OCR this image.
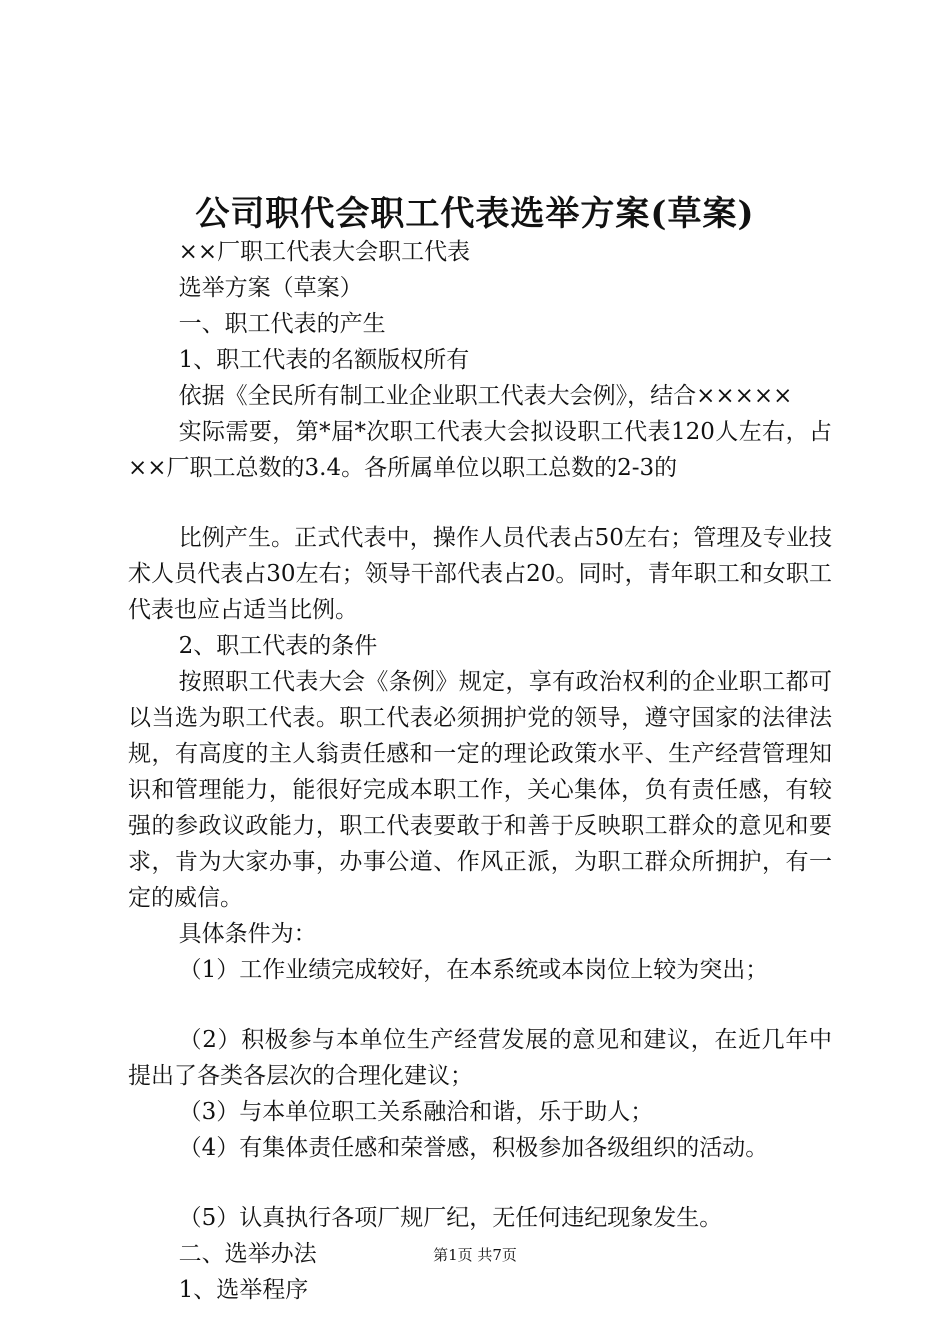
公司职代会职工代表选举方案(草案)

××厂职工代表大会职工代表

选举方案（草案）

一、职工代表的产生

1、职工代表的名额版权所有

依据《全民所有制工业企业职工代表大会例》，结合×××××

实际需要，第*届*次职工代表大会拟设职工代表120人左右，占××厂职工总数的3.4。各所属单位以职工总数的2-3的

比例产生。正式代表中，操作人员代表占50左右；管理及专业技术人员代表占30左右；领导干部代表占20。同时，青年职工和女职工代表也应占适当比例。

2、职工代表的条件

按照职工代表大会《条例》规定，享有政治权利的企业职工都可以当选为职工代表。职工代表必须拥护党的领导，遵守国家的法律法规，有高度的主人翁责任感和一定的理论政策水平、生产经营管理知识和管理能力，能很好完成本职工作，关心集体，负有责任感，有较强的参政议政能力，职工代表要敢于和善于反映职工群众的意见和要求，肯为大家办事，办事公道、作风正派，为职工群众所拥护，有一定的威信。

具体条件为：

（1）工作业绩完成较好，在本系统或本岗位上较为突出；

（2）积极参与本单位生产经营发展的意见和建议，在近几年中提出了各类各层次的合理化建议；

（3）与本单位职工关系融洽和谐，乐于助人；

（4）有集体责任感和荣誉感，积极参加各级组织的活动。

（5）认真执行各项厂规厂纪，无任何违纪现象发生。

二、选举办法

1、选举程序

第1页 共7页
